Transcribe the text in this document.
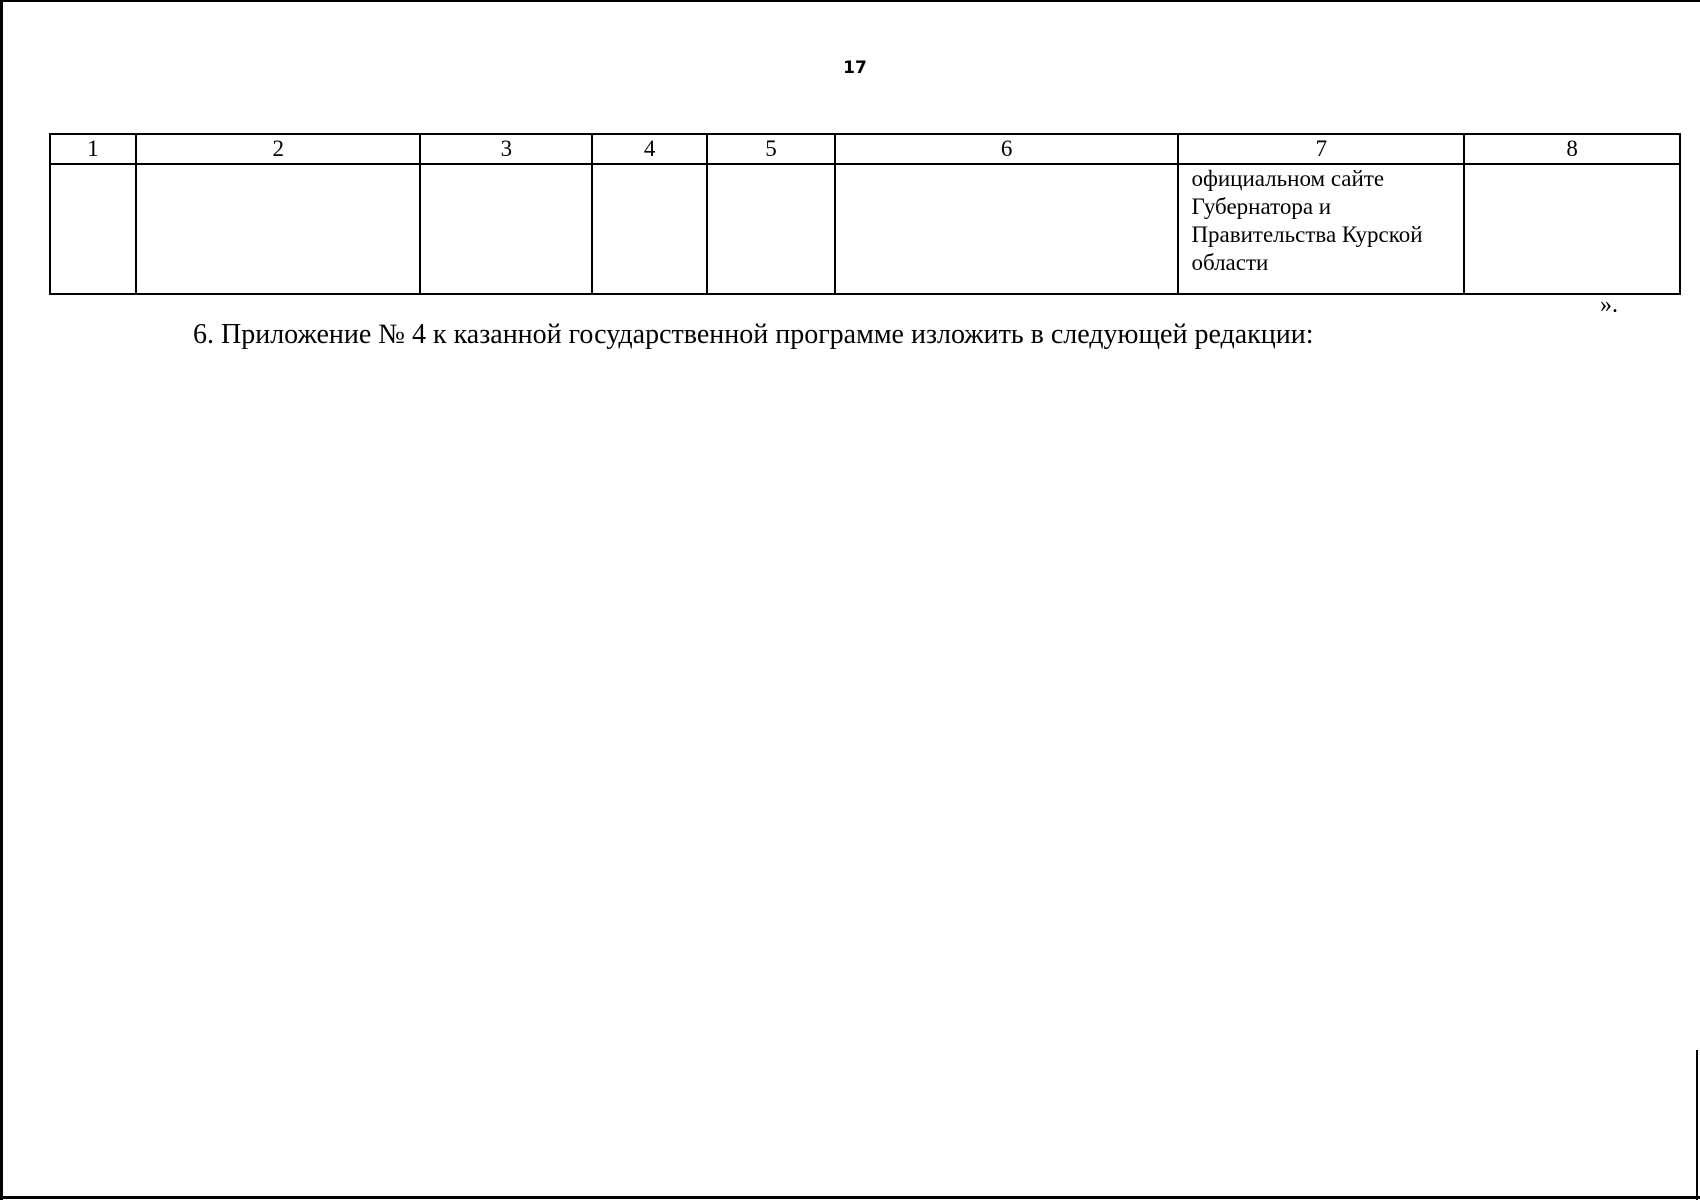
17
1	2	3	4	5	6	7	8
						официальном сайте Губернатора и Правительства Курской области	
».
6. Приложение № 4 к казанной государственной программе изложить в следующей редакции:
